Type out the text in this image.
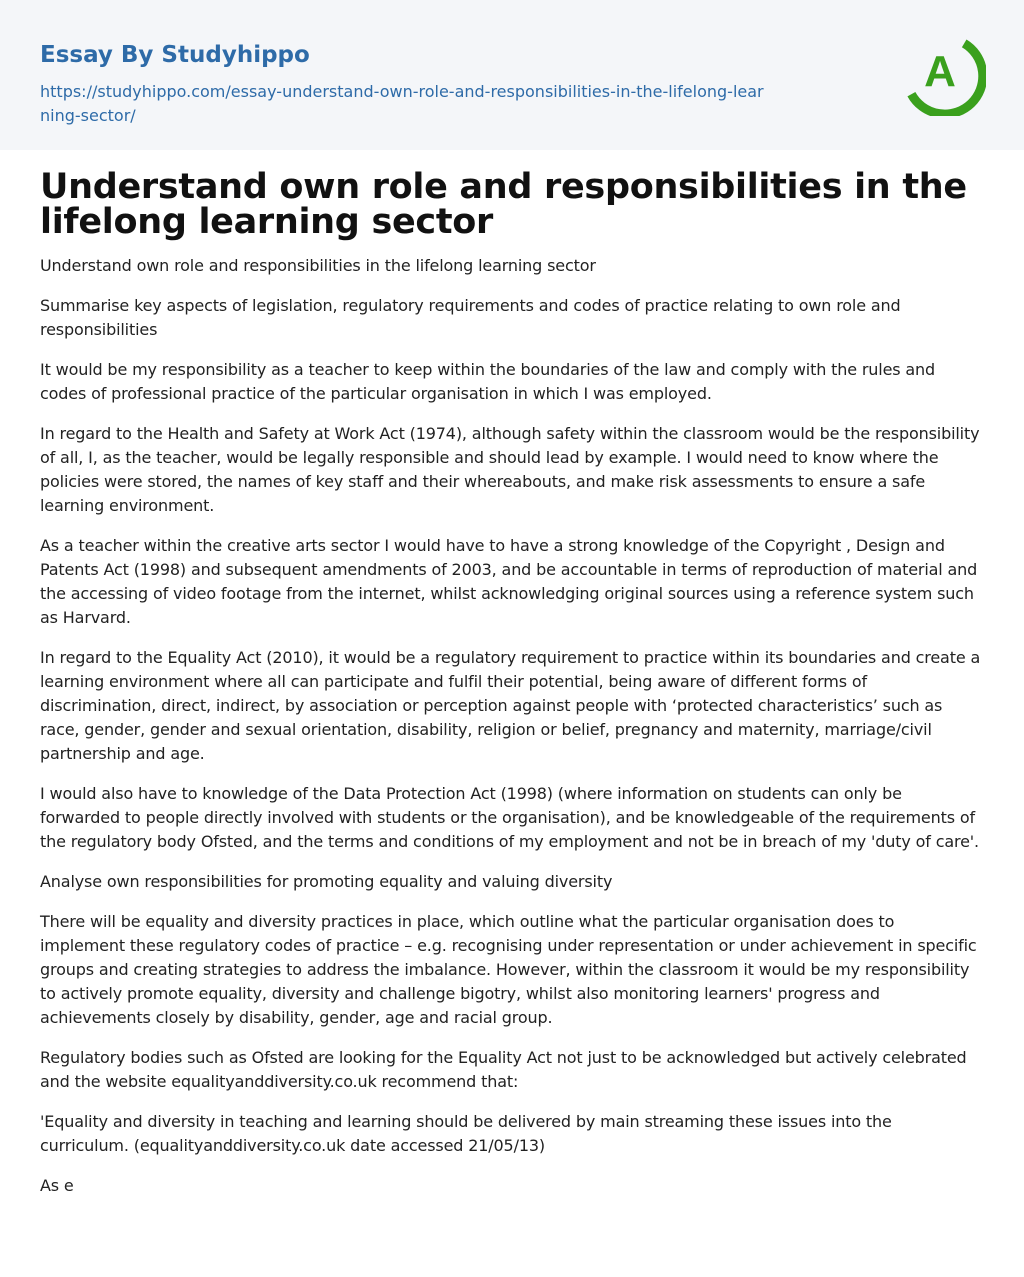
Essay By Studyhippo
https://studyhippo.com/essay-understand-own-role-and-responsibilities-in-the-lifelong-learning-sector/
A
Understand own role and responsibilities in the lifelong learning sector

Understand own role and responsibilities in the lifelong learning sector

Summarise key aspects of legislation, regulatory requirements and codes of practice relating to own role and responsibilities

It would be my responsibility as a teacher to keep within the boundaries of the law and comply with the rules and codes of professional practice of the particular organisation in which I was employed.

In regard to the Health and Safety at Work Act (1974), although safety within the classroom would be the responsibility of all, I, as the teacher, would be legally responsible and should lead by example. I would need to know where the policies were stored, the names of key staff and their whereabouts, and make risk assessments to ensure a safe learning environment.

As a teacher within the creative arts sector I would have to have a strong knowledge of the Copyright , Design and Patents Act (1998) and subsequent amendments of 2003, and be accountable in terms of reproduction of material and the accessing of video footage from the internet, whilst acknowledging original sources using a reference system such as Harvard.

In regard to the Equality Act (2010), it would be a regulatory requirement to practice within its boundaries and create a learning environment where all can participate and fulfil their potential, being aware of different forms of discrimination, direct, indirect, by association or perception against people with ‘protected characteristics’ such as race, gender, gender and sexual orientation, disability, religion or belief, pregnancy and maternity, marriage/civil partnership and age.

I would also have to knowledge of the Data Protection Act (1998) (where information on students can only be forwarded to people directly involved with students or the organisation), and be knowledgeable of the requirements of the regulatory body Ofsted, and the terms and conditions of my employment and not be in breach of my 'duty of care'.

Analyse own responsibilities for promoting equality and valuing diversity

There will be equality and diversity practices in place, which outline what the particular organisation does to implement these regulatory codes of practice – e.g. recognising under representation or under achievement in specific groups and creating strategies to address the imbalance. However, within the classroom it would be my responsibility to actively promote equality, diversity and challenge bigotry, whilst also monitoring learners' progress and achievements closely by disability, gender, age and racial group.

Regulatory bodies such as Ofsted are looking for the Equality Act not just to be acknowledged but actively celebrated and the website equalityanddiversity.co.uk recommend that:

'Equality and diversity in teaching and learning should be delivered by main streaming these issues into the curriculum. (equalityanddiversity.co.uk date accessed 21/05/13)

As e
